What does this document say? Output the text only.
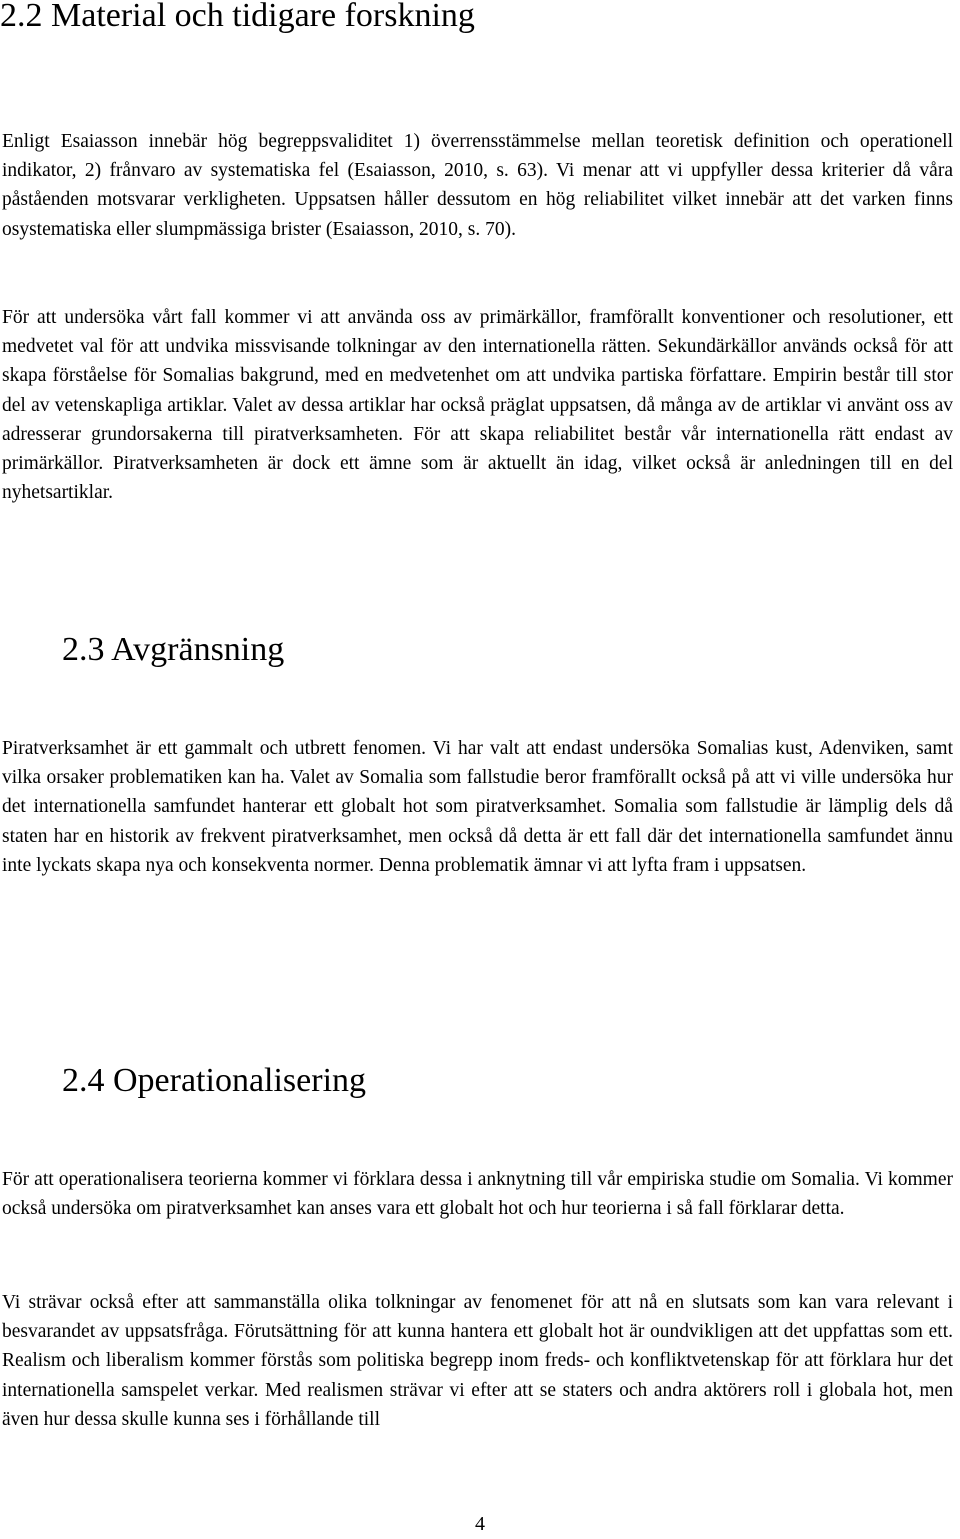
2.2 Material och tidigare forskning

Enligt Esaiasson innebär hög begreppsvaliditet 1) överrensstämmelse mellan teoretisk definition och operationell indikator, 2) frånvaro av systematiska fel (Esaiasson, 2010, s. 63). Vi menar att vi uppfyller dessa kriterier då våra påståenden motsvarar verkligheten. Uppsatsen håller dessutom en hög reliabilitet vilket innebär att det varken finns osystematiska eller slumpmässiga brister (Esaiasson, 2010, s. 70).

För att undersöka vårt fall kommer vi att använda oss av primärkällor, framförallt konventioner och resolutioner, ett medvetet val för att undvika missvisande tolkningar av den internationella rätten. Sekundärkällor används också för att skapa förståelse för Somalias bakgrund, med en medvetenhet om att undvika partiska författare. Empirin består till stor del av vetenskapliga artiklar. Valet av dessa artiklar har också präglat uppsatsen, då många av de artiklar vi använt oss av adresserar grundorsakerna till piratverksamheten. För att skapa reliabilitet består vår internationella rätt endast av primärkällor. Piratverksamheten är dock ett ämne som är aktuellt än idag, vilket också är anledningen till en del nyhetsartiklar.

2.3 Avgränsning

Piratverksamhet är ett gammalt och utbrett fenomen. Vi har valt att endast undersöka Somalias kust, Adenviken, samt vilka orsaker problematiken kan ha. Valet av Somalia som fallstudie beror framförallt också på att vi ville undersöka hur det internationella samfundet hanterar ett globalt hot som piratverksamhet. Somalia som fallstudie är lämplig dels då staten har en historik av frekvent piratverksamhet, men också då detta är ett fall där det internationella samfundet ännu inte lyckats skapa nya och konsekventa normer. Denna problematik ämnar vi att lyfta fram i uppsatsen.

2.4 Operationalisering

För att operationalisera teorierna kommer vi förklara dessa i anknytning till vår empiriska studie om Somalia. Vi kommer också undersöka om piratverksamhet kan anses vara ett globalt hot och hur teorierna i så fall förklarar detta.

Vi strävar också efter att sammanställa olika tolkningar av fenomenet för att nå en slutsats som kan vara relevant i besvarandet av uppsatsfråga. Förutsättning för att kunna hantera ett globalt hot är oundvikligen att det uppfattas som ett. Realism och liberalism kommer förstås som politiska begrepp inom freds- och konfliktvetenskap för att förklara hur det internationella samspelet verkar. Med realismen strävar vi efter att se staters och andra aktörers roll i globala hot, men även hur dessa skulle kunna ses i förhållande till

4
